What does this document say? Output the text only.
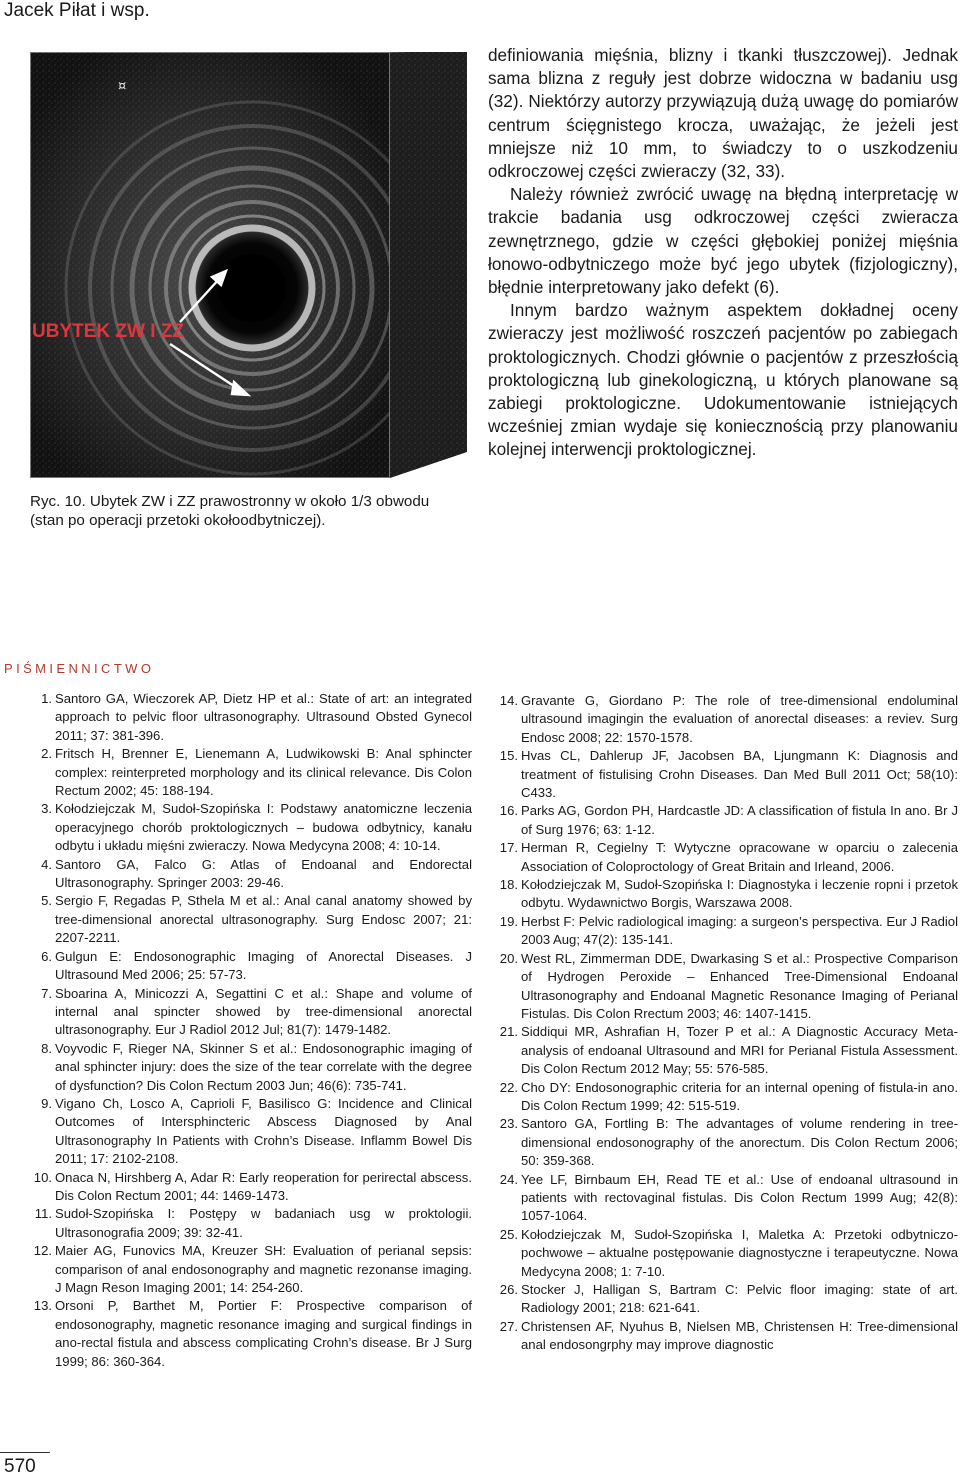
Jacek Piłat i wsp.
¤
UBYTEK ZW I ZZ
Ryc. 10. Ubytek ZW i ZZ prawostronny w około 1/3 obwodu
(stan po operacji przetoki okołoodbytniczej).

definiowania mięśnia, blizny i tkanki tłuszczowej). Jednak sama blizna z reguły jest dobrze widoczna w badaniu usg (32). Niektórzy autorzy przywiązują dużą uwagę do pomiarów centrum ścięgnistego krocza, uważając, że jeżeli jest mniejsze niż 10 mm, to świadczy to o uszkodzeniu odkroczowej części zwieraczy (32, 33).

Należy również zwrócić uwagę na błędną interpretację w trakcie badania usg odkroczowej części zwieracza zewnętrznego, gdzie w części głębokiej poniżej mięśnia łonowo-odbytniczego może być jego ubytek (fizjologiczny), błędnie interpretowany jako defekt (6).

Innym bardzo ważnym aspektem dokładnej oceny zwieraczy jest możliwość roszczeń pacjentów po zabiegach proktologicznych. Chodzi głównie o pacjentów z przeszłością proktologiczną lub ginekologiczną, u których planowane są zabiegi proktologiczne. Udokumentowanie istniejących wcześniej zmian wydaje się koniecznością przy planowaniu kolejnej interwencji proktologicznej.

PIŚMIENNICTWO
1. Santoro GA, Wieczorek AP, Dietz HP et al.: State of art: an integrated approach to pelvic floor ultrasonography. Ultrasound Obsted Gynecol 2011; 37: 381-396.
2. Fritsch H, Brenner E, Lienemann A, Ludwikowski B: Anal sphincter complex: reinterpreted morphology and its clinical relevance. Dis Colon Rectum 2002; 45: 188-194.
3. Kołodziejczak M, Sudoł-Szopińska I: Podstawy anatomiczne leczenia operacyjnego chorób proktologicznych – budowa odbytnicy, kanału odbytu i układu mięśni zwieraczy. Nowa Medycyna 2008; 4: 10-14.
4. Santoro GA, Falco G: Atlas of Endoanal and Endorectal Ultrasonography. Springer 2003: 29-46.
5. Sergio F, Regadas P, Sthela M et al.: Anal canal anatomy showed by tree-dimensional anorectal ultrasonography. Surg Endosc 2007; 21: 2207-2211.
6. Gulgun E: Endosonographic Imaging of Anorectal Diseases. J Ultrasound Med 2006; 25: 57-73.
7. Sboarina A, Minicozzi A, Segattini C et al.: Shape and volume of internal anal spincter showed by tree-dimensional anorectal ultrasonography. Eur J Radiol 2012 Jul; 81(7): 1479-1482.
8. Voyvodic F, Rieger NA, Skinner S et al.: Endosonographic imaging of anal sphincter injury: does the size of the tear correlate with the degree of dysfunction? Dis Colon Rectum 2003 Jun; 46(6): 735-741.
9. Vigano Ch, Losco A, Caprioli F, Basilisco G: Incidence and Clinical Outcomes of Intersphincteric Abscess Diagnosed by Anal Ultrasonography In Patients with Crohn’s Disease. Inflamm Bowel Dis 2011; 17: 2102-2108.
10. Onaca N, Hirshberg A, Adar R: Early reoperation for perirectal abscess. Dis Colon Rectum 2001; 44: 1469-1473.
11. Sudoł-Szopińska I: Postępy w badaniach usg w proktologii. Ultrasonografia 2009; 39: 32-41.
12. Maier AG, Funovics MA, Kreuzer SH: Evaluation of perianal sepsis: comparison of anal endosonography and magnetic rezonanse imaging. J Magn Reson Imaging 2001; 14: 254-260.
13. Orsoni P, Barthet M, Portier F: Prospective comparison of endosonography, magnetic resonance imaging and surgical findings in ano-rectal fistula and abscess complicating Crohn’s disease. Br J Surg 1999; 86: 360-364.
14. Gravante G, Giordano P: The role of tree-dimensional endoluminal ultrasound imagingin the evaluation of anorectal diseases: a reviev. Surg Endosc 2008; 22: 1570-1578.
15. Hvas CL, Dahlerup JF, Jacobsen BA, Ljungmann K: Diagnosis and treatment of fistulising Crohn Diseases. Dan Med Bull 2011 Oct; 58(10): C433.
16. Parks AG, Gordon PH, Hardcastle JD: A classification of fistula In ano. Br J of Surg 1976; 63: 1-12.
17. Herman R, Cegielny T: Wytyczne opracowane w oparciu o zalecenia Association of Coloproctology of Great Britain and Irleand, 2006.
18. Kołodziejczak M, Sudoł-Szopińska I: Diagnostyka i leczenie ropni i przetok odbytu. Wydawnictwo Borgis, Warszawa 2008.
19. Herbst F: Pelvic radiological imaging: a surgeon’s perspectiva. Eur J Radiol 2003 Aug; 47(2): 135-141.
20. West RL, Zimmerman DDE, Dwarkasing S et al.: Prospective Comparison of Hydrogen Peroxide – Enhanced Tree-Dimensional Endoanal Ultrasonography and Endoanal Magnetic Resonance Imaging of Perianal Fistulas. Dis Colon Rrectum 2003; 46: 1407-1415.
21. Siddiqui MR, Ashrafian H, Tozer P et al.: A Diagnostic Accuracy Meta-analysis of endoanal Ultrasound and MRI for Perianal Fistula Assessment. Dis Colon Rectum 2012 May; 55: 576-585.
22. Cho DY: Endosonographic criteria for an internal opening of fistula-in ano. Dis Colon Rectum 1999; 42: 515-519.
23. Santoro GA, Fortling B: The advantages of volume rendering in tree-dimensional endosonography of the anorectum. Dis Colon Rectum 2006; 50: 359-368.
24. Yee LF, Birnbaum EH, Read TE et al.: Use of endoanal ultrasound in patients with rectovaginal fistulas. Dis Colon Rectum 1999 Aug; 42(8): 1057-1064.
25. Kołodziejczak M, Sudoł-Szopińska I, Maletka A: Przetoki odbytniczo-pochwowe – aktualne postępowanie diagnostyczne i terapeutyczne. Nowa Medycyna 2008; 1: 7-10.
26. Stocker J, Halligan S, Bartram C: Pelvic floor imaging: state of art. Radiology 2001; 218: 621-641.
27. Christensen AF, Nyuhus B, Nielsen MB, Christensen H: Tree-dimensional anal endosongrphy may improve diagnostic
570
